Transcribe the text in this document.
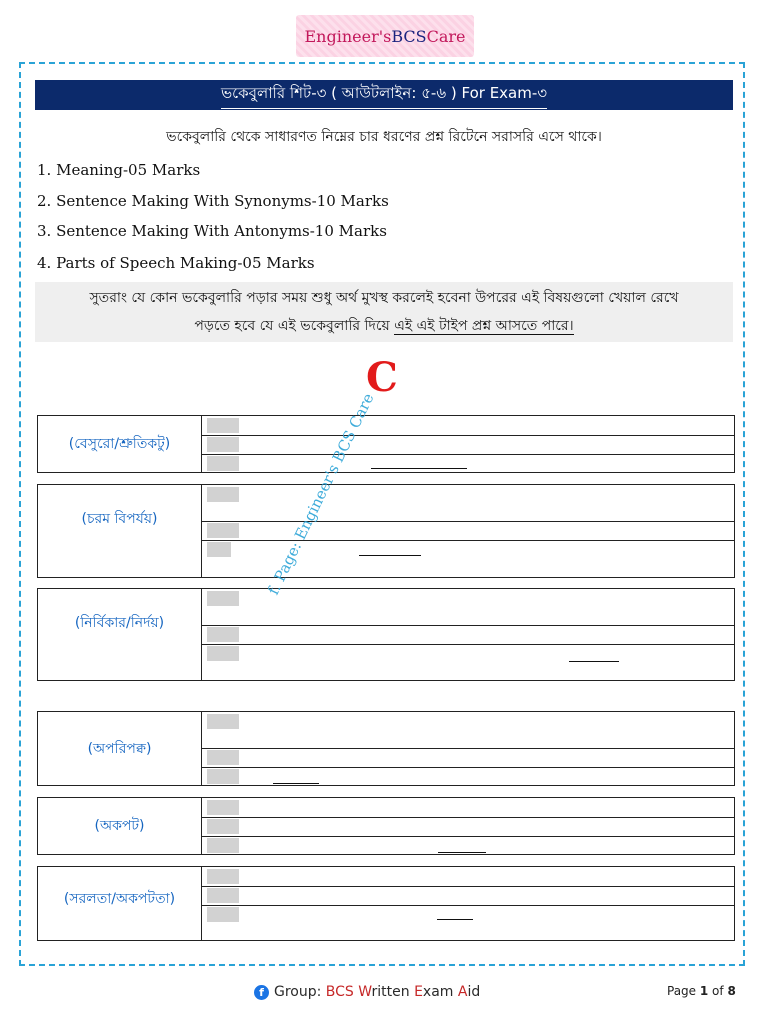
Engineer's BCS Care
ভকেবুলারি শিট-৩ ( আউটলাইন: ৫-৬ ) For Exam-৩
ভকেবুলারি থেকে সাধারণত নিম্নের চার ধরণের প্রশ্ন রিটেনে সরাসরি এসে থাকে।
1. Meaning-05 Marks
2. Sentence Making With Synonyms-10 Marks
3. Sentence Making With Antonyms-10 Marks
4. Parts of Speech Making-05 Marks
সুতরাং যে কোন ভকেবুলারি পড়ার সময় শুধু অর্থ মুখস্থ করলেই হবেনা উপরের এই বিষয়গুলো খেয়াল রেখে
পড়তে হবে যে এই ভকেবুলারি দিয়ে এই এই টাইপ প্রশ্ন আসতে পারে।
C
(বেসুরো/শ্রুতিকটু)
(চরম বিপর্যয়)
(নির্বিকার/নির্দয়)
(অপরিপক্ব)
(অকপট)
(সরলতা/অকপটতা)
f. Page: Engineer's BCS Care
f Group: BCS Written Exam Aid	Page 1 of 8
